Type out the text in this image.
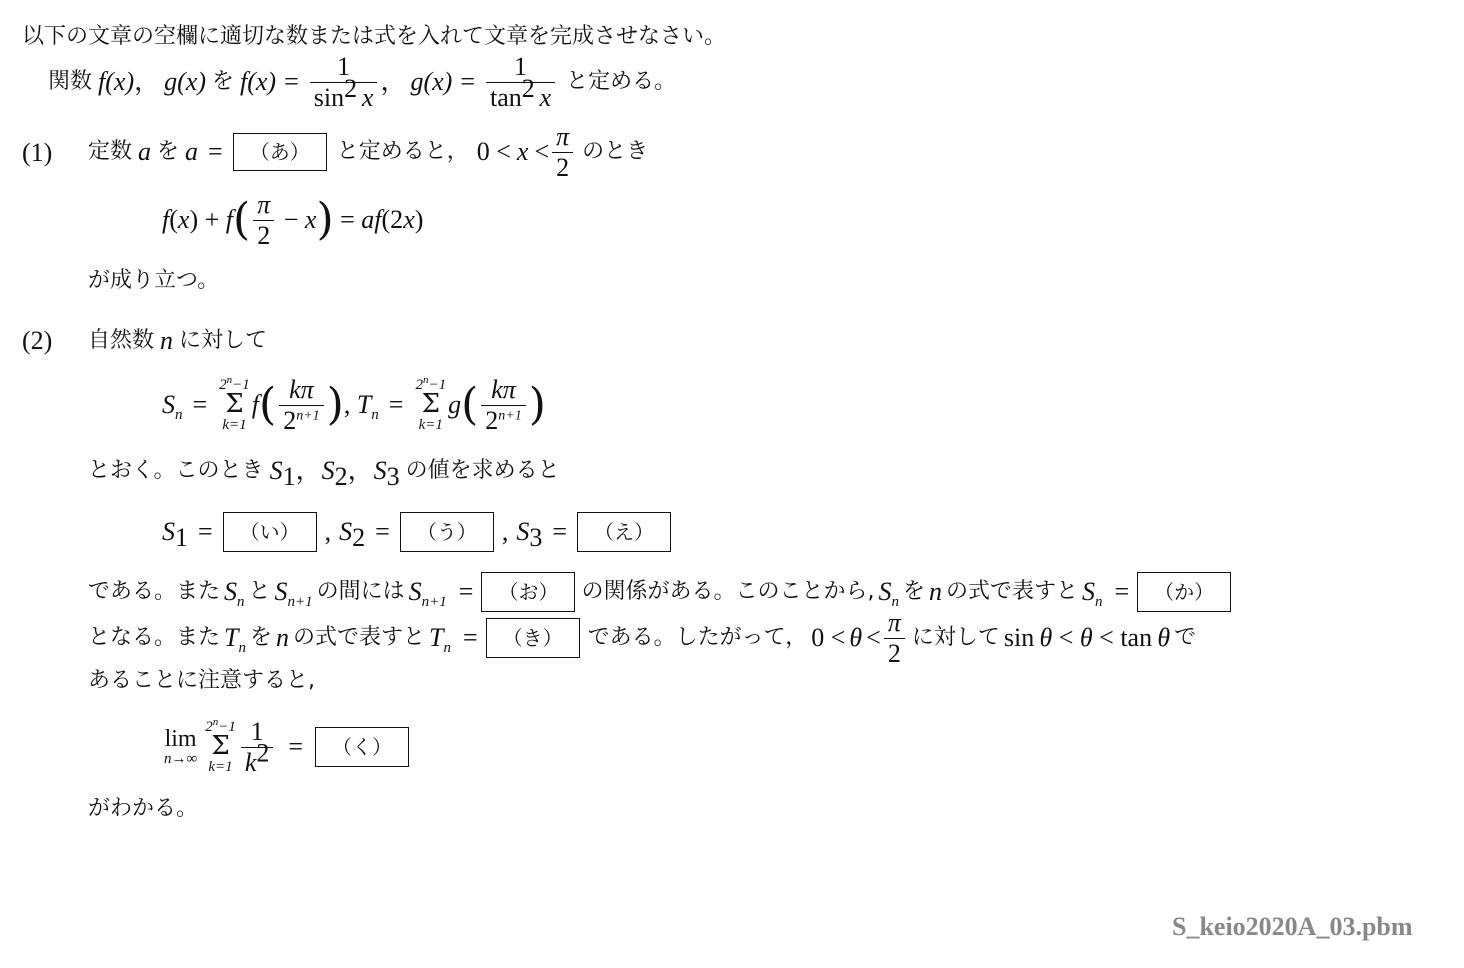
以下の文章の空欄に適切な数または式を入れて文章を完成させなさい。
関数 f(x) ， g(x) を $f(x) = \frac{1}{\sin^2 x}$ ， $g(x) = \frac{1}{\tan^2 x}$ と定める。
(1) 定数 a を a =	（あ）	と定めると， $0 < x < \frac{\pi}{2}$ のとき
f ( x ) + f ( $\frac{\pi}{2} - x$ ) = af (2 x )
が成り立つ。
(2) 自然数 n に対して
$S_n$ =
$2^n-1$
Σ
k=1
f ( $\frac{k\pi}{2^{n+1}}$ ) , $T_n$ =
$2^n-1$
Σ
k=1
g ( $\frac{k\pi}{2^{n+1}}$ )
とおく。このとき $S_1$ ， $S_2$ ， $S_3$ の値を求めると
$S_1$ =	（い） , $S_2$ =	（う） , $S_3$ =	（え）
である。また $S_n$ と $S_{n+1}$ の間には $S_{n+1}$ =	（お）	の関係がある。このことから, $S_n$ を n の式で表すと $S_n$ =	（か）
となる。また $T_n$ を n の式で表すと $T_n$ =	（き）	である。したがって， $0 < \theta < \frac{\pi}{2}$ に対して sin  θ < θ < tan  θ で
あることに注意すると,
lim
n→∞
$2^n-1$
Σ
$k=1 \frac{1}{k^2}$ =	（く）
がわかる。
S_keio2020A_03.pbm
